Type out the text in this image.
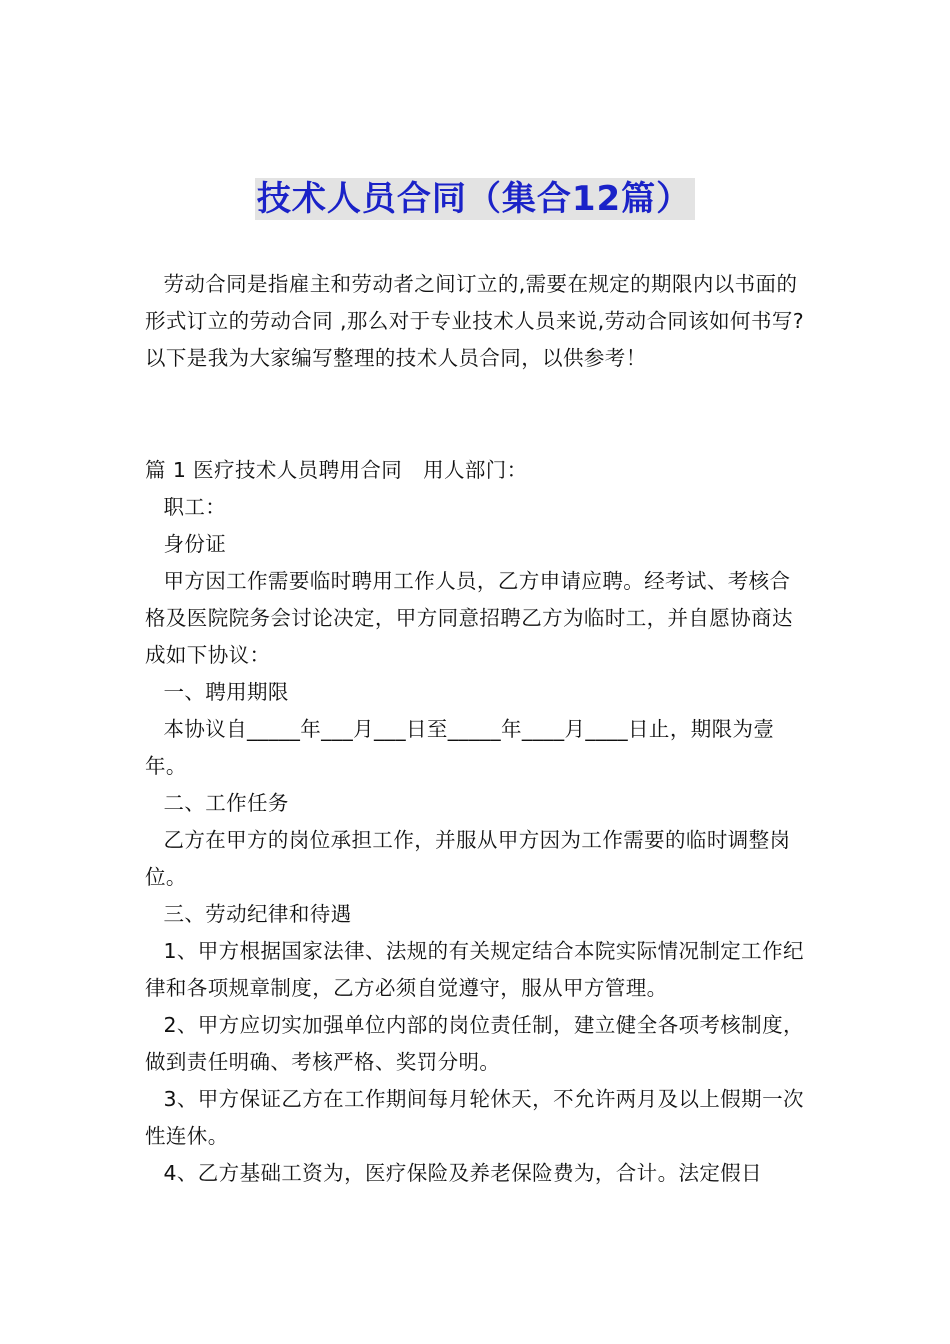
技术人员合同（集合12篇）

劳动合同是指雇主和劳动者之间订立的,需要在规定的期限内以书面的形式订立的劳动合同 ,那么对于专业技术人员来说,劳动合同该如何书写?以下是我为大家编写整理的技术人员合同，以供参考！

篇 1 医疗技术人员聘用合同　用人部门：

职工：

身份证

甲方因工作需要临时聘用工作人员，乙方申请应聘。经考试、考核合格及医院院务会讨论决定，甲方同意招聘乙方为临时工，并自愿协商达成如下协议：

一、聘用期限

本协议自_____年___月___日至_____年____月____日止，期限为壹年。

二、工作任务

乙方在甲方的岗位承担工作，并服从甲方因为工作需要的临时调整岗位。

三、劳动纪律和待遇

1、甲方根据国家法律、法规的有关规定结合本院实际情况制定工作纪律和各项规章制度，乙方必须自觉遵守，服从甲方管理。

2、甲方应切实加强单位内部的岗位责任制，建立健全各项考核制度，做到责任明确、考核严格、奖罚分明。

3、甲方保证乙方在工作期间每月轮休天，不允许两月及以上假期一次性连休。

4、乙方基础工资为，医疗保险及养老保险费为，合计。法定假日
